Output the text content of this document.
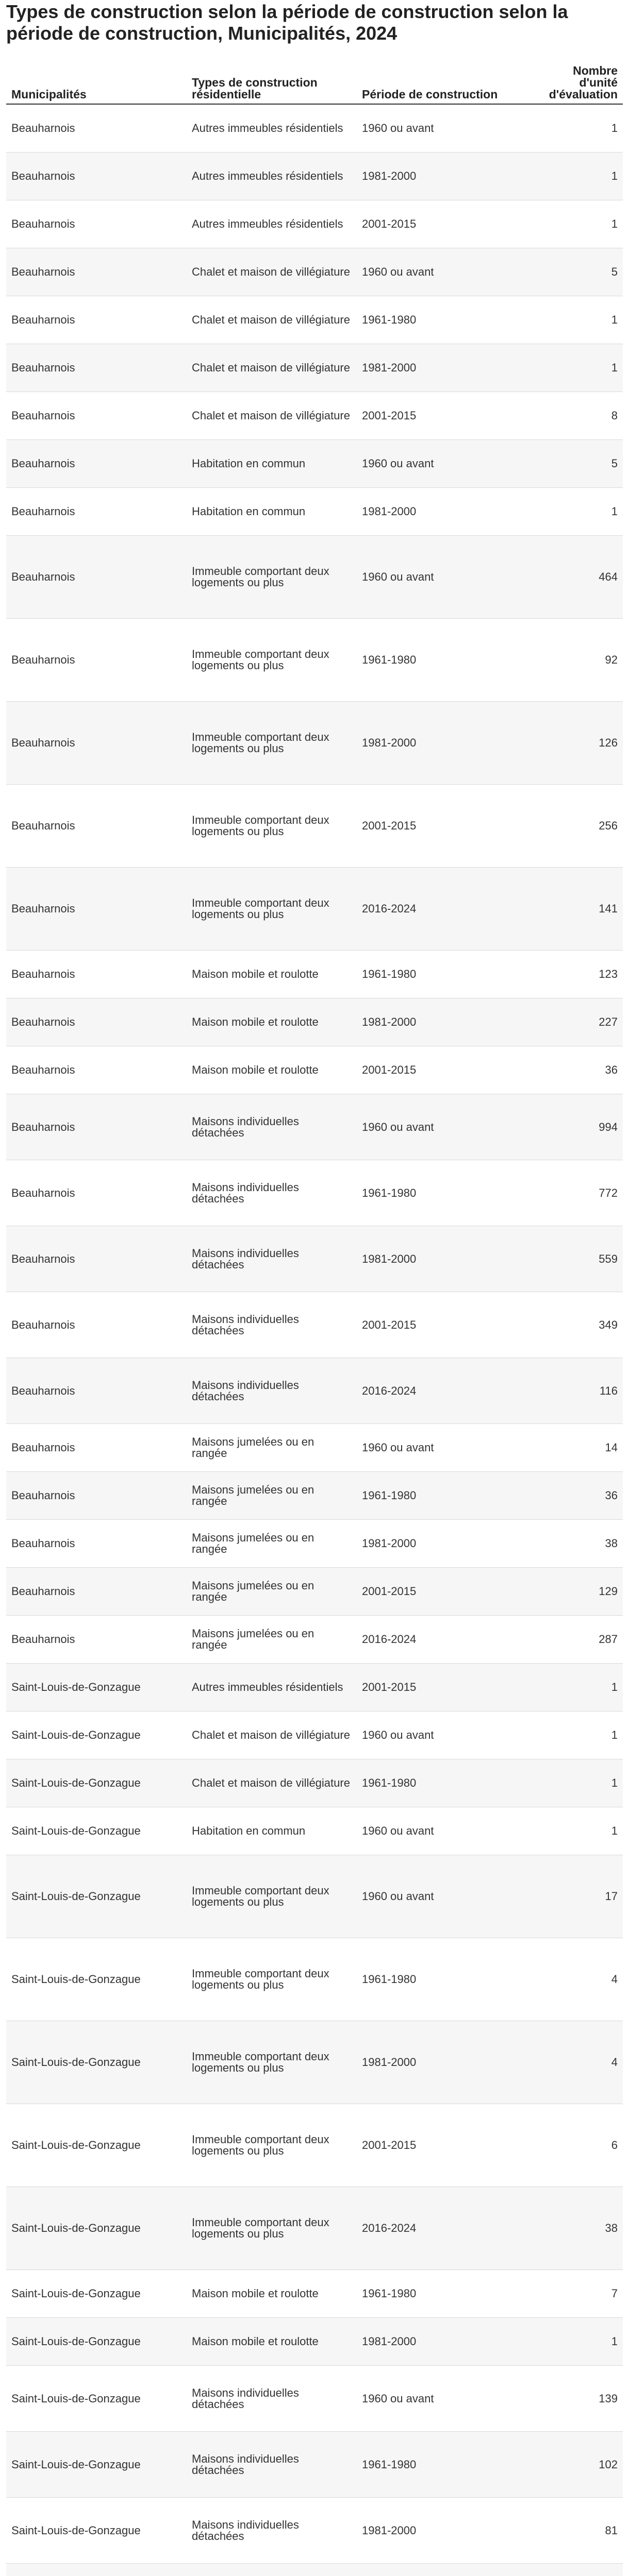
Types de construction selon la période de construction selon la période de construction, Municipalités, 2024
Municipalités	Types de construction résidentielle	Période de construction	Nombre d'unité d'évaluation
Beauharnois	Autres immeubles résidentiels	1960 ou avant	1
Beauharnois	Autres immeubles résidentiels	1981-2000	1
Beauharnois	Autres immeubles résidentiels	2001-2015	1
Beauharnois	Chalet et maison de villégiature	1960 ou avant	5
Beauharnois	Chalet et maison de villégiature	1961-1980	1
Beauharnois	Chalet et maison de villégiature	1981-2000	1
Beauharnois	Chalet et maison de villégiature	2001-2015	8
Beauharnois	Habitation en commun	1960 ou avant	5
Beauharnois	Habitation en commun	1981-2000	1
Beauharnois	Immeuble comportant deux logements ou plus	1960 ou avant	464
Beauharnois	Immeuble comportant deux logements ou plus	1961-1980	92
Beauharnois	Immeuble comportant deux logements ou plus	1981-2000	126
Beauharnois	Immeuble comportant deux logements ou plus	2001-2015	256
Beauharnois	Immeuble comportant deux logements ou plus	2016-2024	141
Beauharnois	Maison mobile et roulotte	1961-1980	123
Beauharnois	Maison mobile et roulotte	1981-2000	227
Beauharnois	Maison mobile et roulotte	2001-2015	36
Beauharnois	Maisons individuelles détachées	1960 ou avant	994
Beauharnois	Maisons individuelles détachées	1961-1980	772
Beauharnois	Maisons individuelles détachées	1981-2000	559
Beauharnois	Maisons individuelles détachées	2001-2015	349
Beauharnois	Maisons individuelles détachées	2016-2024	116
Beauharnois	Maisons jumelées ou en rangée	1960 ou avant	14
Beauharnois	Maisons jumelées ou en rangée	1961-1980	36
Beauharnois	Maisons jumelées ou en rangée	1981-2000	38
Beauharnois	Maisons jumelées ou en rangée	2001-2015	129
Beauharnois	Maisons jumelées ou en rangée	2016-2024	287
Saint-Louis-de-Gonzague	Autres immeubles résidentiels	2001-2015	1
Saint-Louis-de-Gonzague	Chalet et maison de villégiature	1960 ou avant	1
Saint-Louis-de-Gonzague	Chalet et maison de villégiature	1961-1980	1
Saint-Louis-de-Gonzague	Habitation en commun	1960 ou avant	1
Saint-Louis-de-Gonzague	Immeuble comportant deux logements ou plus	1960 ou avant	17
Saint-Louis-de-Gonzague	Immeuble comportant deux logements ou plus	1961-1980	4
Saint-Louis-de-Gonzague	Immeuble comportant deux logements ou plus	1981-2000	4
Saint-Louis-de-Gonzague	Immeuble comportant deux logements ou plus	2001-2015	6
Saint-Louis-de-Gonzague	Immeuble comportant deux logements ou plus	2016-2024	38
Saint-Louis-de-Gonzague	Maison mobile et roulotte	1961-1980	7
Saint-Louis-de-Gonzague	Maison mobile et roulotte	1981-2000	1
Saint-Louis-de-Gonzague	Maisons individuelles détachées	1960 ou avant	139
Saint-Louis-de-Gonzague	Maisons individuelles détachées	1961-1980	102
Saint-Louis-de-Gonzague	Maisons individuelles détachées	1981-2000	81
